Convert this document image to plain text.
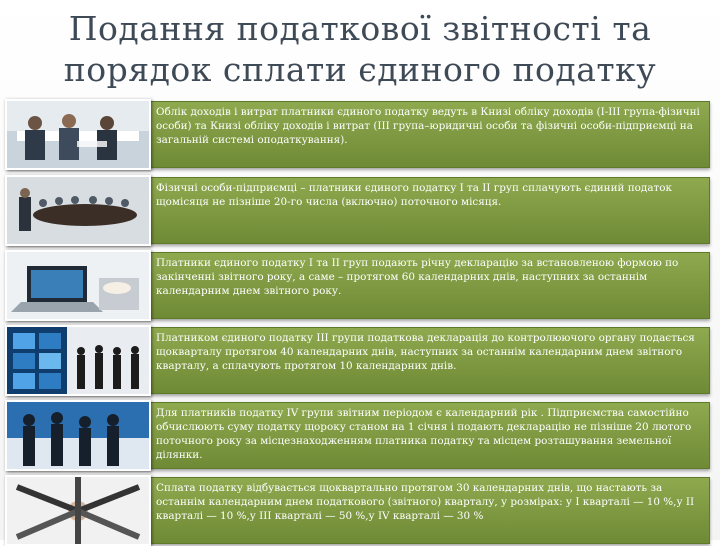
Подання податкової звітності та
порядок сплати єдиного податку
Облік доходів і витрат платники єдиного податку ведуть в Книзі обліку доходів (I-III група-фізичні особи) та Книзі обліку доходів і витрат (III група–юридичні особи та фізичні особи-підприємці на загальній системі оподаткування).
Фізичні особи-підприємці – платники єдиного податку I та II груп сплачують єдиний податок щомісяця не пізніше 20-го числа (включно) поточного місяця.
Платники єдиного податку I та II груп подають річну декларацію за встановленою формою по закінченні звітного року, а саме – протягом 60 календарних днів, наступних за останнім календарним днем звітного року.
Платником єдиного податку III групи податкова декларація до контролюючого органу подається щокварталу протягом 40 календарних днів, наступних за останнім календарним днем звітного кварталу, а сплачують протягом 10 календарних днів.
Для платників податку IV групи звітним періодом є календарний рік . Підприємства самостійно обчислюють суму податку щороку станом на 1 січня і подають декларацію не пізніше 20 лютого поточного року за місцезнаходженням платника податку та місцем розташування земельної ділянки.
Сплата податку відбувається щоквартально протягом 30 календарних днів, що настають за останнім календарним днем податкового (звітного) кварталу, у розмірах: у I кварталі — 10 %,у II кварталі — 10 %,у III кварталі — 50 %,у IV кварталі — 30 %
